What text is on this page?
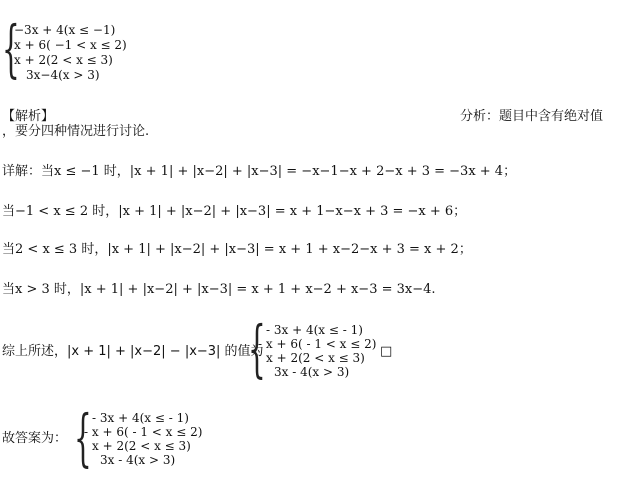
{
−3x + 4(x ≤ −1)
x + 6( −1 < x ≤ 2)
x + 2(2 < x ≤ 3)
3x−4(x > 3)
【解析】	分析：题目中含有绝对值
，要分四种情况进行讨论.
详解：当x ≤ −1 时，|x + 1| + |x−2| + |x−3| = −x−1−x + 2−x + 3 = −3x + 4；
当−1 < x ≤ 2 时，|x + 1| + |x−2| + |x−3| = x + 1−x−x + 3 = −x + 6；
当2 < x ≤ 3 时，|x + 1| + |x−2| + |x−3| = x + 1 + x−2−x + 3 = x + 2；
当x > 3 时，|x + 1| + |x−2| + |x−3| = x + 1 + x−2 + x−3 = 3x−4.
综上所述，|x + 1| + |x−2| − |x−3| 的值为
{ - 3x + 4(x ≤ - 1)
- x + 6( - 1 < x ≤ 2)
x + 2(2 < x ≤ 3)
3x - 4(x > 3)
□
故答案为： { - 3x + 4(x ≤ - 1)
- x + 6( - 1 < x ≤ 2)
x + 2(2 < x ≤ 3)
3x - 4(x > 3)
